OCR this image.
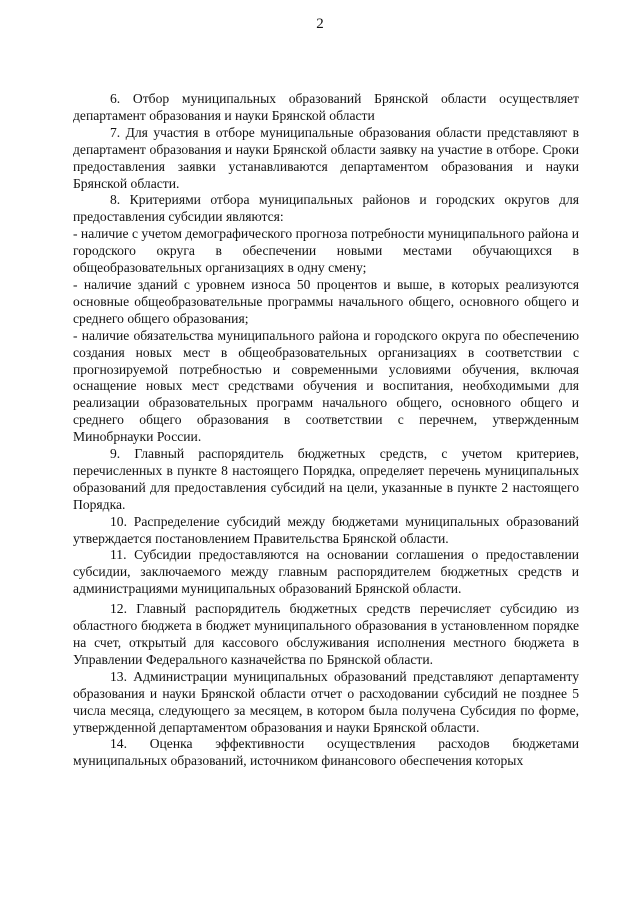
2

6. Отбор муниципальных образований Брянской области осуществляет департамент образования и науки Брянской области

7. Для участия в отборе муниципальные образования области представляют в департамент образования и науки Брянской области заявку на участие в отборе. Сроки предоставления заявки устанавливаются департаментом образования и науки Брянской области.

8. Критериями отбора муниципальных районов и городских округов для предоставления субсидии являются:

- наличие с учетом демографического прогноза потребности муниципального района и городского округа в обеспечении новыми местами обучающихся в общеобразовательных организациях в одну смену;

- наличие зданий с уровнем износа 50 процентов и выше, в которых реализуются основные общеобразовательные программы начального общего, основного общего и среднего общего образования;

- наличие обязательства муниципального района и городского округа по обеспечению создания новых мест в общеобразовательных организациях в соответствии с прогнозируемой потребностью и современными условиями обучения, включая оснащение новых мест средствами обучения и воспитания, необходимыми для реализации образовательных программ начального общего, основного общего и среднего общего образования в соответствии с перечнем, утвержденным Минобрнауки России.

9. Главный распорядитель бюджетных средств, с учетом критериев, перечисленных в пункте 8 настоящего Порядка, определяет перечень муниципальных образований для предоставления субсидий на цели, указанные в пункте 2 настоящего Порядка.

10. Распределение субсидий между бюджетами муниципальных образований утверждается постановлением Правительства Брянской области.

11. Субсидии предоставляются на основании соглашения о предоставлении субсидии, заключаемого между главным распорядителем бюджетных средств и администрациями муниципальных образований Брянской области.

12. Главный распорядитель бюджетных средств перечисляет субсидию из областного бюджета в бюджет муниципального образования в установленном порядке на счет, открытый для кассового обслуживания исполнения местного бюджета в Управлении Федерального казначейства по Брянской области.

13. Администрации муниципальных образований представляют департаменту образования и науки Брянской области отчет о расходовании субсидий не позднее 5 числа месяца, следующего за месяцем, в котором была получена Субсидия по форме, утвержденной департаментом образования и науки Брянской области.

14. Оценка эффективности осуществления расходов бюджетами муниципальных образований, источником финансового обеспечения которых
